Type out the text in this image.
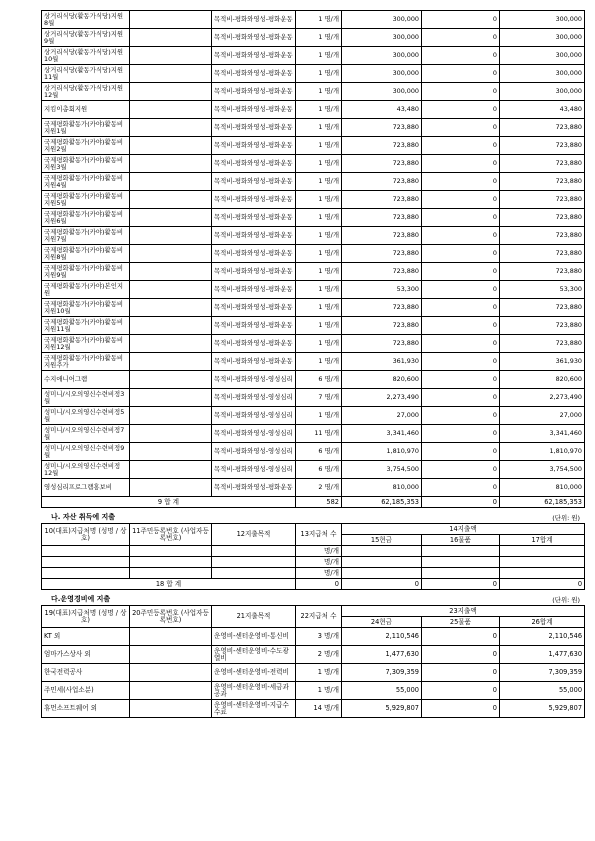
상거리식당(활동가식당)지원8월		목적비-평화와영성-평화운동	1 명/개	300,000	0	300,000
상거리식당(활동가식당)지원9월		목적비-평화와영성-평화운동	1 명/개	300,000	0	300,000
상거리식당(활동가식당)지원10월		목적비-평화와영성-평화운동	1 명/개	300,000	0	300,000
상거리식당(활동가식당)지원11월		목적비-평화와영성-평화운동	1 명/개	300,000	0	300,000
상거리식당(활동가식당)지원12월		목적비-평화와영성-평화운동	1 명/개	300,000	0	300,000
지킴이총회지원		목적비-평화와영성-평화운동	1 명/개	43,480	0	43,480
국제평화활동가(카야)활동비지원1월		목적비-평화와영성-평화운동	1 명/개	723,880	0	723,880
국제평화활동가(카야)활동비지원2월		목적비-평화와영성-평화운동	1 명/개	723,880	0	723,880
국제평화활동가(카야)활동비지원3월		목적비-평화와영성-평화운동	1 명/개	723,880	0	723,880
국제평화활동가(카야)활동비지원4월		목적비-평화와영성-평화운동	1 명/개	723,880	0	723,880
국제평화활동가(카야)활동비지원5월		목적비-평화와영성-평화운동	1 명/개	723,880	0	723,880
국제평화활동가(카야)활동비지원6월		목적비-평화와영성-평화운동	1 명/개	723,880	0	723,880
국제평화활동가(카야)활동비지원7월		목적비-평화와영성-평화운동	1 명/개	723,880	0	723,880
국제평화활동가(카야)활동비지원8월		목적비-평화와영성-평화운동	1 명/개	723,880	0	723,880
국제평화활동가(카야)활동비지원9월		목적비-평화와영성-평화운동	1 명/개	723,880	0	723,880
국제평화활동가(카야)본인지원		목적비-평화와영성-평화운동	1 명/개	53,300	0	53,300
국제평화활동가(카야)활동비지원10월		목적비-평화와영성-평화운동	1 명/개	723,880	0	723,880
국제평화활동가(카야)활동비지원11월		목적비-평화와영성-평화운동	1 명/개	723,880	0	723,880
국제평화활동가(카야)활동비지원12월		목적비-평화와영성-평화운동	1 명/개	723,880	0	723,880
국제평화활동가(카야)활동비지원추가		목적비-평화와영성-평화운동	1 명/개	361,930	0	361,930
수지애니어그램		목적비-평화와영성-영성심리	6 명/개	820,600	0	820,600
성미니/시오의영신수련비정3월		목적비-평화와영성-영성심리	7 명/개	2,273,490	0	2,273,490
성미니/시오의영신수련비정5월		목적비-평화와영성-영성심리	1 명/개	27,000	0	27,000
성미니/시오의영신수련비정7월		목적비-평화와영성-영성심리	11 명/개	3,341,460	0	3,341,460
성미니/시오의영신수련비정9월		목적비-평화와영성-영성심리	6 명/개	1,810,970	0	1,810,970
성미니/시오의영신수련비정12월		목적비-평화와영성-영성심리	6 명/개	3,754,500	0	3,754,500
영성심리프로그램홍보비		목적비-평화와영성-평화운동	2 명/개	810,000	0	810,000
9 합 계			582	62,185,353	0	62,185,353
나. 자산 취득에 지출	(단위: 원)
10(대표)지급처명 (성명 / 상호)	11주민등록번호 (사업자등록번호)	12지출목적	13지급처 수	14지출액		
				15현금	16물품	17합계
			명/개			
			명/개			
			명/개			
18 합 계			0	0	0	0
다.운영경비에 지출	(단위: 원)
19(대표)지급처명 (성명 / 상호)	20주민등록번호 (사업자등록번호)	21지출목적	22지급처 수	23지출액		
				24현금	25물품	26합계
KT 외		운영비-센터운영비-통신비	3 명/개	2,110,546	0	2,110,546
엄마가스상사 외		운영비-센터운영비-수도광열비	2 명/개	1,477,630	0	1,477,630
한국전력공사		운영비-센터운영비-전력비	1 명/개	7,309,359	0	7,309,359
주민세(사업소분)		운영비-센터운영비-세금과공과	1 명/개	55,000	0	55,000
휴먼소프트웨어 외		운영비-센터운영비-지급수수료	14 명/개	5,929,807	0	5,929,807
